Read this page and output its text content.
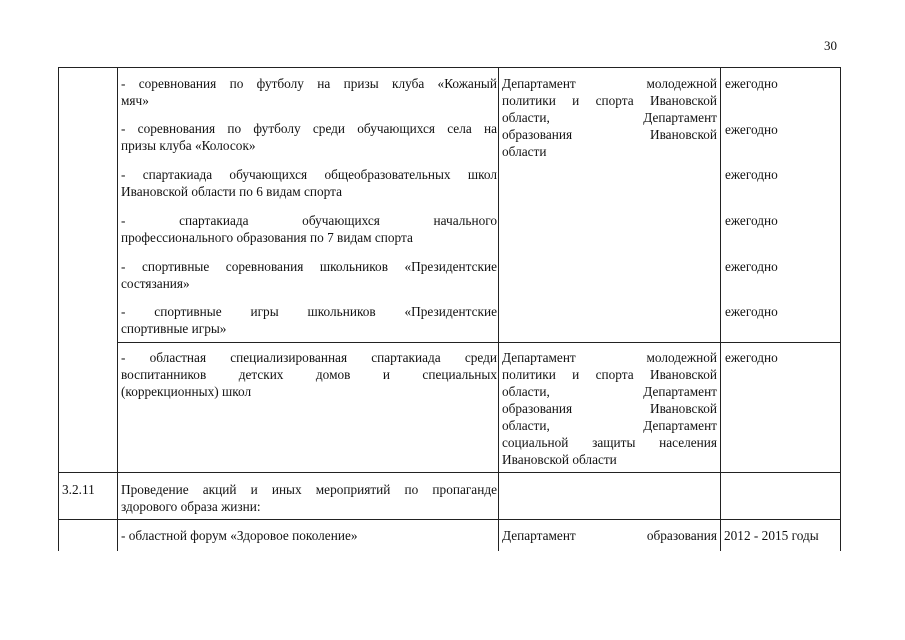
30
- соревнования по футболу на призы клуба «Кожаный
мяч»
ежегодно
- соревнования по футболу среди обучающихся села на
призы клуба «Колосок»
ежегодно
- спартакиада обучающихся общеобразовательных школ
Ивановской области по 6 видам спорта
ежегодно
- спартакиада обучающихся начального
профессионального образования по 7 видам спорта
ежегодно
- спортивные соревнования школьников «Президентские
состязания»
ежегодно
- спортивные игры школьников «Президентские
спортивные игры»
ежегодно
Департамент молодежной
политики и спорта Ивановской
области, Департамент
образования Ивановской
области
- областная специализированная спартакиада среди
воспитанников детских домов и специальных
(коррекционных) школ
Департамент молодежной
политики и спорта Ивановской
области, Департамент
образования Ивановской
области, Департамент
социальной защиты населения
Ивановской области
ежегодно
3.2.11 Проведение акций и иных мероприятий по пропаганде
здорового образа жизни:
- областной форум «Здоровое поколение»	Департамент образования 2012 - 2015 годы
